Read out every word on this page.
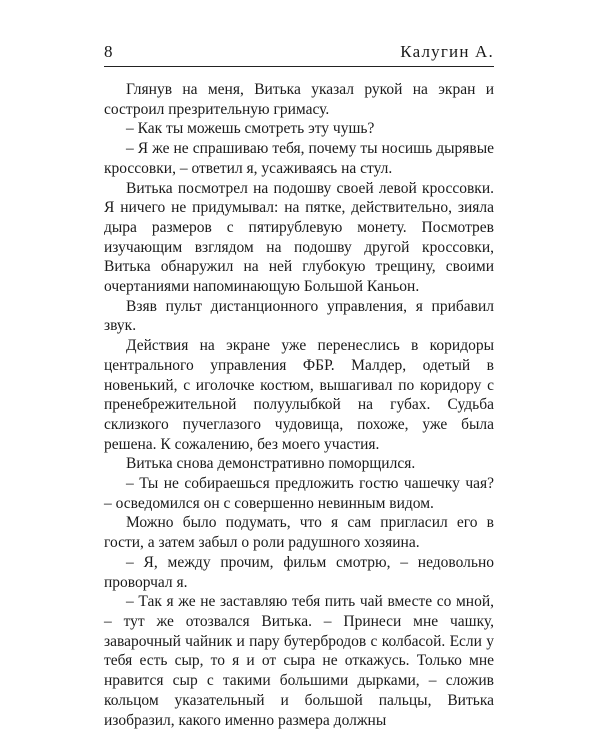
8	Калугин А.

Глянув на меня, Витька указал рукой на экран и состроил презрительную гримасу.

– Как ты можешь смотреть эту чушь?

– Я же не спрашиваю тебя, почему ты носишь дырявые кроссовки, – ответил я, усаживаясь на стул.

Витька посмотрел на подошву своей левой кроссовки. Я ничего не придумывал: на пятке, действительно, зияла дыра размеров с пятирублевую монету. Посмотрев изучающим взглядом на подошву другой кроссовки, Витька обнаружил на ней глубокую трещину, своими очертаниями напоминающую Большой Каньон.

Взяв пульт дистанционного управления, я прибавил звук.

Действия на экране уже перенеслись в коридоры центрального управления ФБР. Малдер, одетый в новенький, с иголочке костюм, вышагивал по коридору с пренебрежительной полуулыбкой на губах. Судьба склизкого пучеглазого чудовища, похоже, уже была решена. К сожалению, без моего участия.

Витька снова демонстративно поморщился.

– Ты не собираешься предложить гостю чашечку чая? – осведомился он с совершенно невинным видом.

Можно было подумать, что я сам пригласил его в гости, а затем забыл о роли радушного хозяина.

– Я, между прочим, фильм смотрю, – недовольно проворчал я.

– Так я же не заставляю тебя пить чай вместе со мной, – тут же отозвался Витька. – Принеси мне чашку, заварочный чайник и пару бутербродов с колбасой. Если у тебя есть сыр, то я и от сыра не откажусь. Только мне нравится сыр с такими большими дырками, – сложив кольцом указательный и большой пальцы, Витька изобразил, какого именно размера должны
